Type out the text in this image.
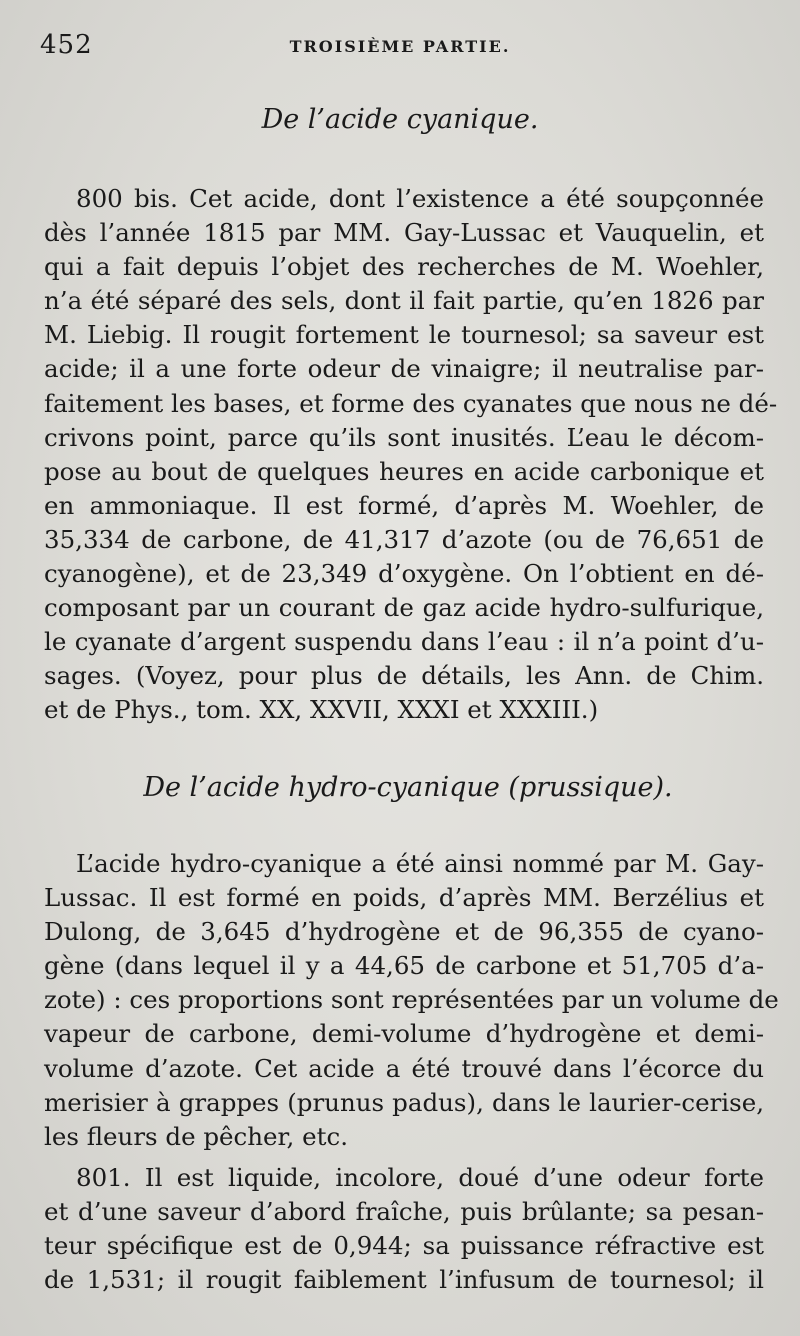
452	TROISIÈME PARTIE.
De l’acide cyanique.
800 bis. Cet acide, dont l’existence a été soupçonnée
dès l’année 1815 par MM. Gay-Lussac et Vauquelin, et
qui a fait depuis l’objet des recherches de M. Woehler,
n’a été séparé des sels, dont il fait partie, qu’en 1826 par
M. Liebig. Il rougit fortement le tournesol; sa saveur est
acide; il a une forte odeur de vinaigre; il neutralise par-
faitement les bases, et forme des cyanates que nous ne dé-
crivons point, parce qu’ils sont inusités. L’eau le décom-
pose au bout de quelques heures en acide carbonique et
en ammoniaque. Il est formé, d’après M. Woehler, de
35,334 de carbone, de 41,317 d’azote (ou de 76,651 de
cyanogène), et de 23,349 d’oxygène. On l’obtient en dé-
composant par un courant de gaz acide hydro-sulfurique,
le cyanate d’argent suspendu dans l’eau : il n’a point d’u-
sages. (Voyez, pour plus de détails, les Ann. de Chim.
et de Phys., tom. XX, XXVII, XXXI et XXXIII.)
De l’acide hydro-cyanique (prussique).
L’acide hydro-cyanique a été ainsi nommé par M. Gay-
Lussac. Il est formé en poids, d’après MM. Berzélius et
Dulong, de 3,645 d’hydrogène et de 96,355 de cyano-
gène (dans lequel il y a 44,65 de carbone et 51,705 d’a-
zote) : ces proportions sont représentées par un volume de
vapeur de carbone, demi-volume d’hydrogène et demi-
volume d’azote. Cet acide a été trouvé dans l’écorce du
merisier à grappes (prunus padus), dans le laurier-cerise,
les fleurs de pêcher, etc.
801. Il est liquide, incolore, doué d’une odeur forte
et d’une saveur d’abord fraîche, puis brûlante; sa pesan-
teur spécifique est de 0,944; sa puissance réfractive est
de 1,531; il rougit faiblement l’infusum de tournesol; il
